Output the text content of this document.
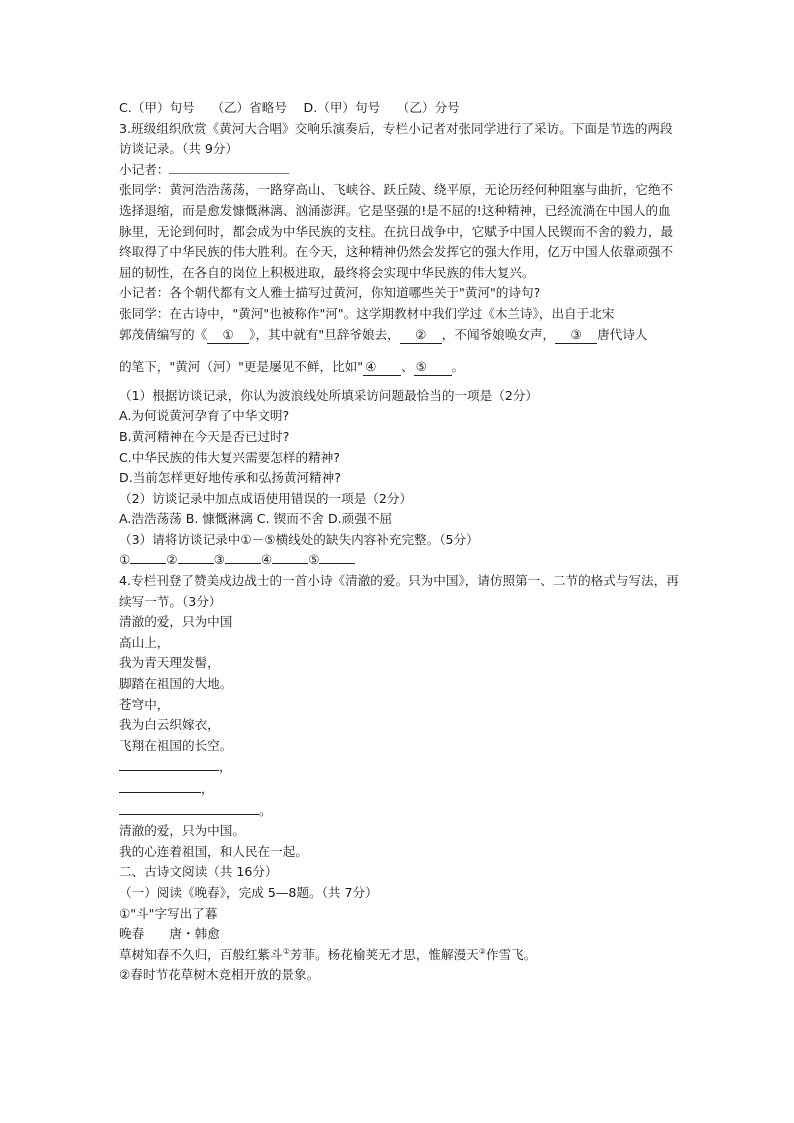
C.（甲）句号　 （乙）省略号　 D.（甲）句号　 （乙）分号
3.班级组织欣赏《黄河大合唱》交响乐演奏后，专栏小记者对张同学进行了采访。下面是节选的两段访谈记录。（共 9分）
小记者：
张同学：黄河浩浩荡荡，一路穿高山、飞峡谷、跃丘陵、绕平原，无论历经何种阻塞与曲折，它绝不选择退缩，而是愈发慷慨淋漓、汹涌澎湃。它是坚强的!是不屈的!这种精神，已经流淌在中国人的血脉里，无论到何时，都会成为中华民族的支柱。在抗日战争中，它赋予中国人民锲而不舍的毅力，最终取得了中华民族的伟大胜利。在今天，这种精神仍然会发挥它的强大作用，亿万中国人依靠顽强不屈的韧性，在各自的岗位上积极进取，最终将会实现中华民族的伟大复兴。
小记者：各个朝代都有文人雅士描写过黄河，你知道哪些关于"黄河"的诗句?
张同学：在古诗中，"黄河"也被称作"河"。这学期教材中我们学过《木兰诗》，出自于北宋
郭茂倩编写的《 ① 》，其中就有"旦辞爷娘去， ② ，不闻爷娘唤女声， ③ 唐代诗人
的笔下，"黄河（河）"更是屡见不鲜，比如" ④ 、 ⑤ 。
（1）根据访谈记录，你认为波浪线处所填采访问题最恰当的一项是（2分）
A.为何说黄河孕育了中华文明?
B.黄河精神在今天是否已过时?
C.中华民族的伟大复兴需要怎样的精神?
D.当前怎样更好地传承和弘扬黄河精神?
（2）访谈记录中加点成语使用错误的一项是（2分）
A.浩浩荡荡 B. 慷慨淋漓 C. 锲而不舍 D.顽强不屈
（3）请将访谈记录中①－⑤横线处的缺失内容补充完整。（5分）
①	②	③	④	⑤
4.专栏刊登了赞美戍边战士的一首小诗《清澈的爱。只为中国》，请仿照第一、二节的格式与写法，再续写一节。（3分）
清澈的爱，只为中国
高山上，
我为青天理发髻，
脚踏在祖国的大地。
苍穹中，
我为白云织嫁衣，
飞翔在祖国的长空。
，
，
。
清澈的爱，只为中国。
我的心连着祖国，和人民在一起。
二、古诗文阅读（共 16分）
（一）阅读《晚春》，完成 5—8题。（共 7分）
①"斗"字写出了暮
晚春　　唐・韩愈
草树知春不久归，百般红紫斗①芳菲。杨花榆荚无才思，惟解漫天②作雪飞。
②春时节花草树木竞相开放的景象。
